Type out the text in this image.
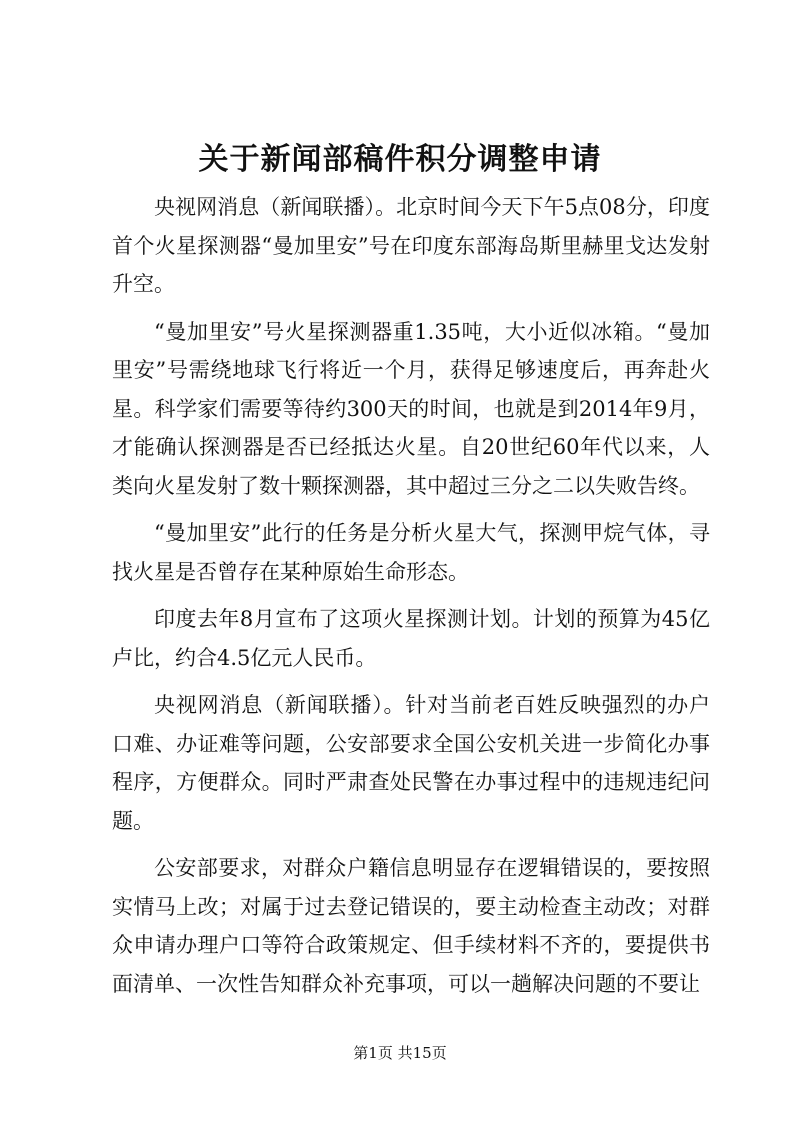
关于新闻部稿件积分调整申请

央视网消息（新闻联播）。北京时间今天下午5点08分，印度首个火星探测器“曼加里安”号在印度东部海岛斯里赫里戈达发射升空。

“曼加里安”号火星探测器重1.35吨，大小近似冰箱。“曼加里安”号需绕地球飞行将近一个月，获得足够速度后，再奔赴火星。科学家们需要等待约300天的时间，也就是到2014年9月，才能确认探测器是否已经抵达火星。自20世纪60年代以来，人类向火星发射了数十颗探测器，其中超过三分之二以失败告终。

“曼加里安”此行的任务是分析火星大气，探测甲烷气体，寻找火星是否曾存在某种原始生命形态。

印度去年8月宣布了这项火星探测计划。计划的预算为45亿卢比，约合4.5亿元人民币。

央视网消息（新闻联播）。针对当前老百姓反映强烈的办户口难、办证难等问题，公安部要求全国公安机关进一步简化办事程序，方便群众。同时严肃查处民警在办事过程中的违规违纪问题。

公安部要求，对群众户籍信息明显存在逻辑错误的，要按照实情马上改；对属于过去登记错误的，要主动检查主动改；对群众申请办理户口等符合政策规定、但手续材料不齐的，要提供书面清单、一次性告知群众补充事项，可以一趟解决问题的不要让

第1页 共15页
